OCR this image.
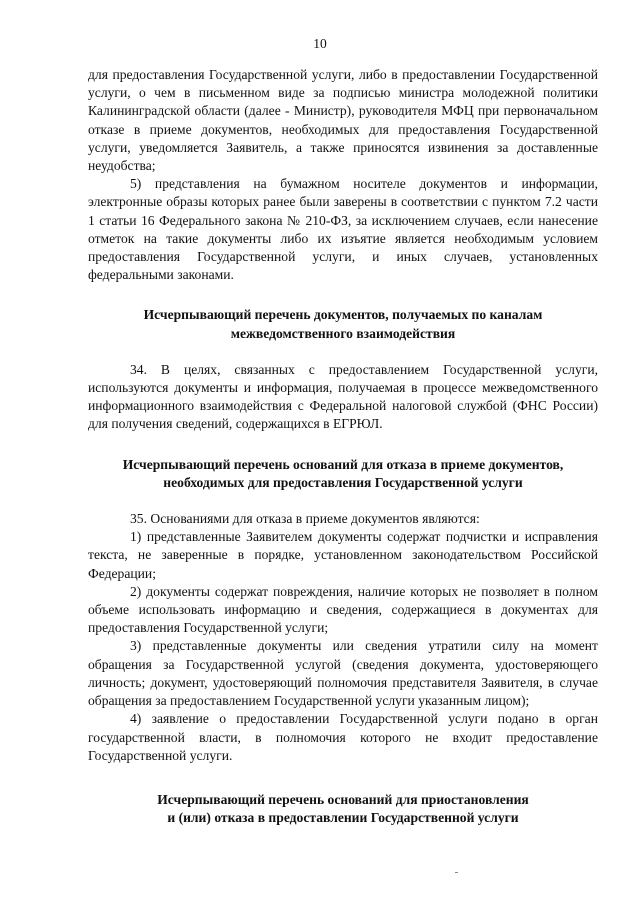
10

для предоставления Государственной услуги, либо в предоставлении Государственной услуги, о чем в письменном виде за подписью министра молодежной политики Калининградской области (далее - Министр), руководителя МФЦ при первоначальном отказе в приеме документов, необходимых для предоставления Государственной услуги, уведомляется Заявитель, а также приносятся извинения за доставленные неудобства;

5) представления на бумажном носителе документов и информации, электронные образы которых ранее были заверены в соответствии с пунктом 7.2 части 1 статьи 16 Федерального закона № 210-ФЗ, за исключением случаев, если нанесение отметок на такие документы либо их изъятие является необходимым условием предоставления Государственной услуги, и иных случаев, установленных федеральными законами.

Исчерпывающий перечень документов, получаемых по каналам
межведомственного взаимодействия

34. В целях, связанных с предоставлением Государственной услуги, используются документы и информация, получаемая в процессе межведомственного информационного взаимодействия с Федеральной налоговой службой (ФНС России) для получения сведений, содержащихся в ЕГРЮЛ.

Исчерпывающий перечень оснований для отказа в приеме документов,
необходимых для предоставления Государственной услуги

35. Основаниями для отказа в приеме документов являются:

1) представленные Заявителем документы содержат подчистки и исправления текста, не заверенные в порядке, установленном законодательством Российской Федерации;

2) документы содержат повреждения, наличие которых не позволяет в полном объеме использовать информацию и сведения, содержащиеся в документах для предоставления Государственной услуги;

3) представленные документы или сведения утратили силу на момент обращения за Государственной услугой (сведения документа, удостоверяющего личность; документ, удостоверяющий полномочия представителя Заявителя, в случае обращения за предоставлением Государственной услуги указанным лицом);

4) заявление о предоставлении Государственной услуги подано в орган государственной власти, в полномочия которого не входит предоставление Государственной услуги.

Исчерпывающий перечень оснований для приостановления
и (или) отказа в предоставлении Государственной услуги
